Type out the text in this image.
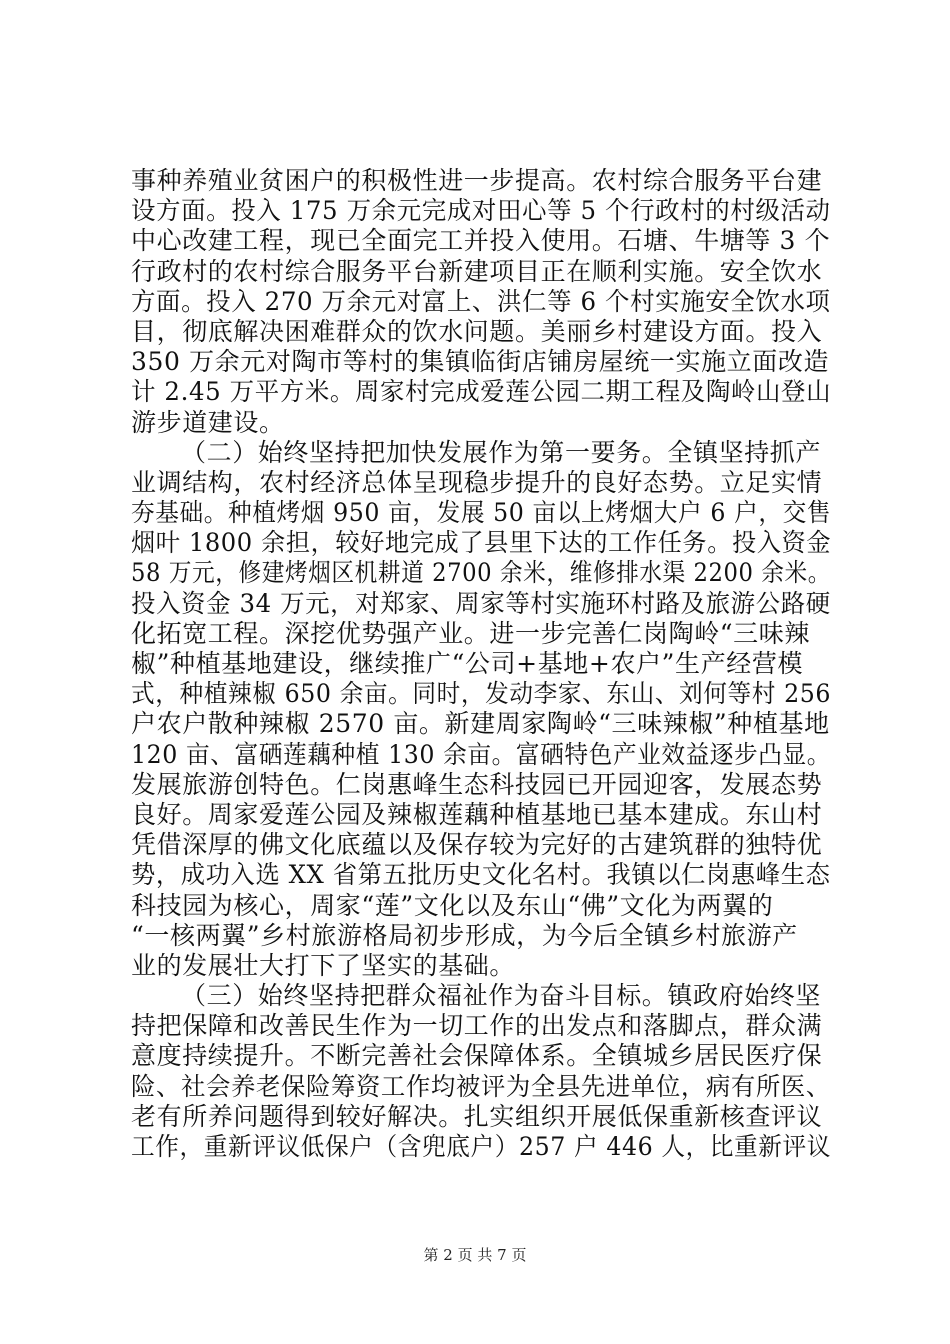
事种养殖业贫困户的积极性进一步提高。农村综合服务平台建
设方面。投入 175 万余元完成对田心等 5 个行政村的村级活动
中心改建工程，现已全面完工并投入使用。石塘、牛塘等 3 个
行政村的农村综合服务平台新建项目正在顺利实施。安全饮水
方面。投入 270 万余元对富上、洪仁等 6 个村实施安全饮水项
目，彻底解决困难群众的饮水问题。美丽乡村建设方面。投入
350 万余元对陶市等村的集镇临街店铺房屋统一实施立面改造
计 2.45 万平方米。周家村完成爱莲公园二期工程及陶岭山登山
游步道建设。
（二）始终坚持把加快发展作为第一要务。全镇坚持抓产
业调结构，农村经济总体呈现稳步提升的良好态势。立足实情
夯基础。种植烤烟 950 亩，发展 50 亩以上烤烟大户 6 户，交售
烟叶 1800 余担，较好地完成了县里下达的工作任务。投入资金
58 万元，修建烤烟区机耕道 2700 余米，维修排水渠 2200 余米。
投入资金 34 万元，对郑家、周家等村实施环村路及旅游公路硬
化拓宽工程。深挖优势强产业。进一步完善仁岗陶岭“三味辣
椒”种植基地建设，继续推广“公司+基地+农户”生产经营模
式，种植辣椒 650 余亩。同时，发动李家、东山、刘何等村 256
户农户散种辣椒 2570 亩。新建周家陶岭“三味辣椒”种植基地
120 亩、富硒莲藕种植 130 余亩。富硒特色产业效益逐步凸显。
发展旅游创特色。仁岗惠峰生态科技园已开园迎客，发展态势
良好。周家爱莲公园及辣椒莲藕种植基地已基本建成。东山村
凭借深厚的佛文化底蕴以及保存较为完好的古建筑群的独特优
势，成功入选 XX 省第五批历史文化名村。我镇以仁岗惠峰生态
科技园为核心，周家“莲”文化以及东山“佛”文化为两翼的
“一核两翼”乡村旅游格局初步形成，为今后全镇乡村旅游产
业的发展壮大打下了坚实的基础。
（三）始终坚持把群众福祉作为奋斗目标。镇政府始终坚
持把保障和改善民生作为一切工作的出发点和落脚点，群众满
意度持续提升。不断完善社会保障体系。全镇城乡居民医疗保
险、社会养老保险筹资工作均被评为全县先进单位，病有所医、
老有所养问题得到较好解决。扎实组织开展低保重新核查评议
工作，重新评议低保户（含兜底户）257 户 446 人，比重新评议
第 2 页 共 7 页
